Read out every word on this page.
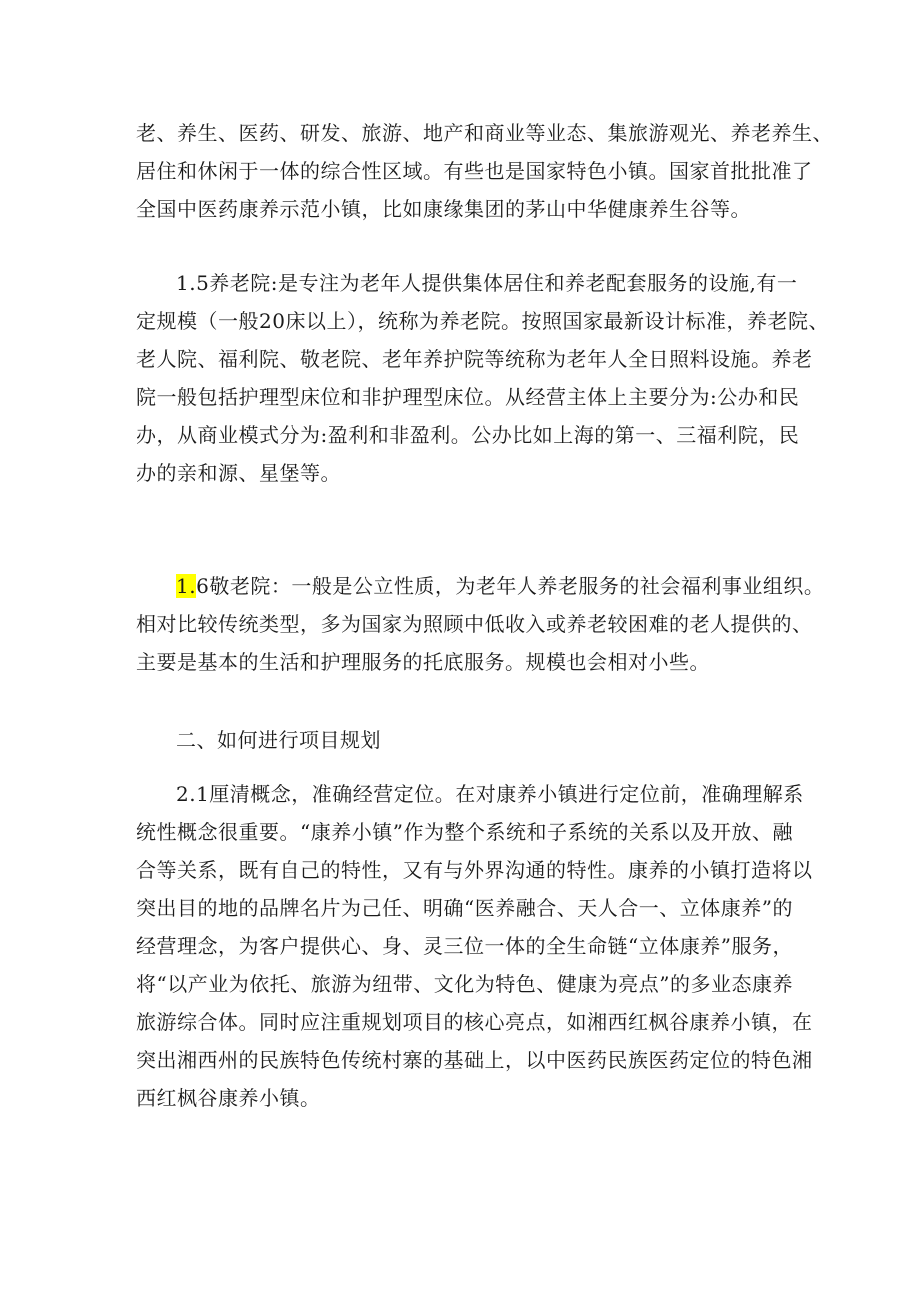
老、养生、医药、研发、旅游、地产和商业等业态、集旅游观光、养老养生、
居住和休闲于一体的综合性区域。有些也是国家特色小镇。国家首批批准了
全国中医药康养示范小镇，比如康缘集团的茅山中华健康养生谷等。
1.5养老院:是专注为老年人提供集体居住和养老配套服务的设施,有一
定规模（一般20床以上），统称为养老院。按照国家最新设计标准，养老院、
老人院、福利院、敬老院、老年养护院等统称为老年人全日照料设施。养老
院一般包括护理型床位和非护理型床位。从经营主体上主要分为:公办和民
办，从商业模式分为:盈利和非盈利。公办比如上海的第一、三福利院，民
办的亲和源、星堡等。
1.6敬老院：一般是公立性质，为老年人养老服务的社会福利事业组织。
相对比较传统类型，多为国家为照顾中低收入或养老较困难的老人提供的、
主要是基本的生活和护理服务的托底服务。规模也会相对小些。
二、如何进行项目规划
2.1厘清概念，准确经营定位。在对康养小镇进行定位前，准确理解系
统性概念很重要。“康养小镇”作为整个系统和子系统的关系以及开放、融
合等关系，既有自己的特性，又有与外界沟通的特性。康养的小镇打造将以
突出目的地的品牌名片为己任、明确“医养融合、天人合一、立体康养”的
经营理念，为客户提供心、身、灵三位一体的全生命链“立体康养”服务，
将“以产业为依托、旅游为纽带、文化为特色、健康为亮点”的多业态康养
旅游综合体。同时应注重规划项目的核心亮点，如湘西红枫谷康养小镇，在
突出湘西州的民族特色传统村寨的基础上，以中医药民族医药定位的特色湘
西红枫谷康养小镇。
